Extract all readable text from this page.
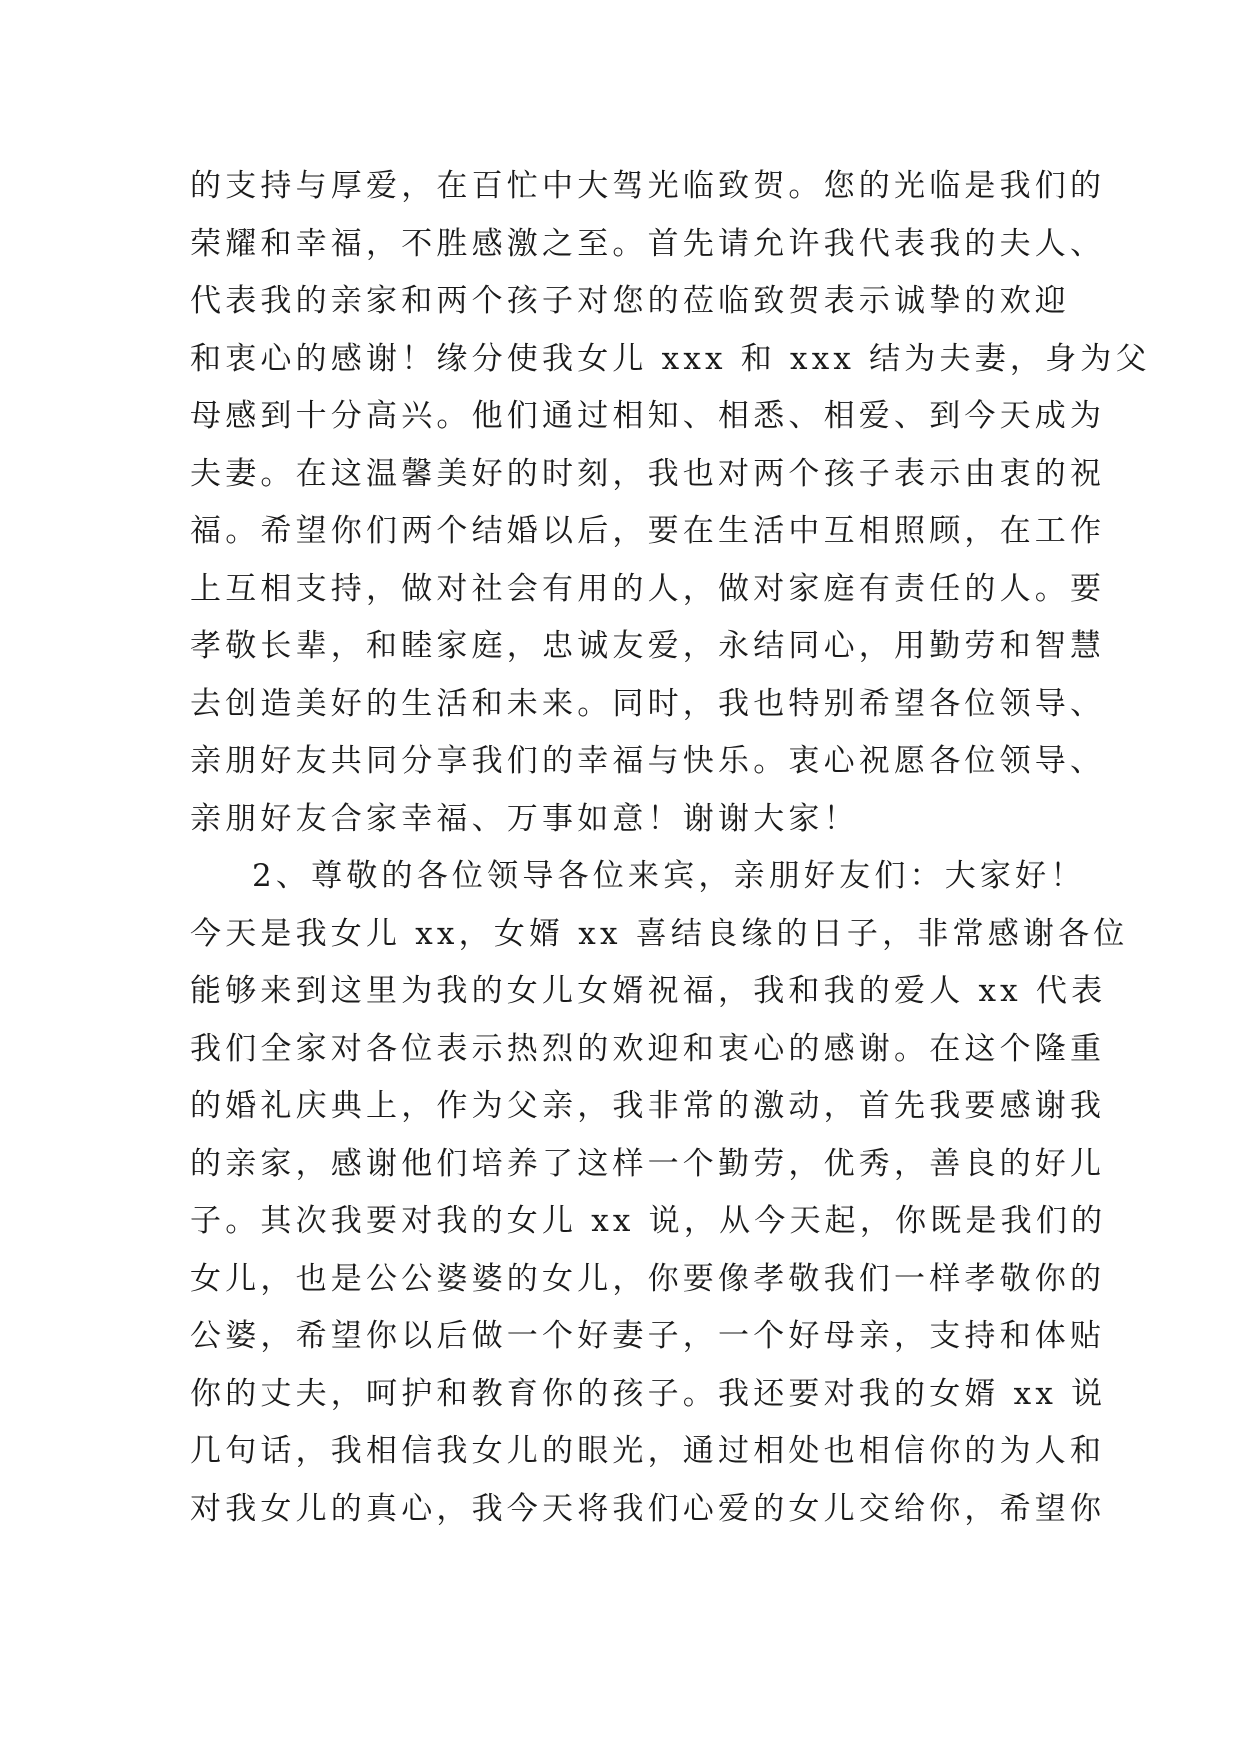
的支持与厚爱，在百忙中大驾光临致贺。您的光临是我们的
荣耀和幸福，不胜感激之至。首先请允许我代表我的夫人、
代表我的亲家和两个孩子对您的莅临致贺表示诚挚的欢迎
和衷心的感谢！缘分使我女儿 xxx 和 xxx 结为夫妻，身为父
母感到十分高兴。他们通过相知、相悉、相爱、到今天成为
夫妻。在这温馨美好的时刻，我也对两个孩子表示由衷的祝
福。希望你们两个结婚以后，要在生活中互相照顾，在工作
上互相支持，做对社会有用的人，做对家庭有责任的人。要
孝敬长辈，和睦家庭，忠诚友爱，永结同心，用勤劳和智慧
去创造美好的生活和未来。同时，我也特别希望各位领导、
亲朋好友共同分享我们的幸福与快乐。衷心祝愿各位领导、
亲朋好友合家幸福、万事如意！谢谢大家！
2、尊敬的各位领导各位来宾，亲朋好友们：大家好！
今天是我女儿 xx，女婿 xx 喜结良缘的日子，非常感谢各位
能够来到这里为我的女儿女婿祝福，我和我的爱人 xx 代表
我们全家对各位表示热烈的欢迎和衷心的感谢。在这个隆重
的婚礼庆典上，作为父亲，我非常的激动，首先我要感谢我
的亲家，感谢他们培养了这样一个勤劳，优秀，善良的好儿
子。其次我要对我的女儿 xx 说，从今天起，你既是我们的
女儿，也是公公婆婆的女儿，你要像孝敬我们一样孝敬你的
公婆，希望你以后做一个好妻子，一个好母亲，支持和体贴
你的丈夫，呵护和教育你的孩子。我还要对我的女婿 xx 说
几句话，我相信我女儿的眼光，通过相处也相信你的为人和
对我女儿的真心，我今天将我们心爱的女儿交给你，希望你
